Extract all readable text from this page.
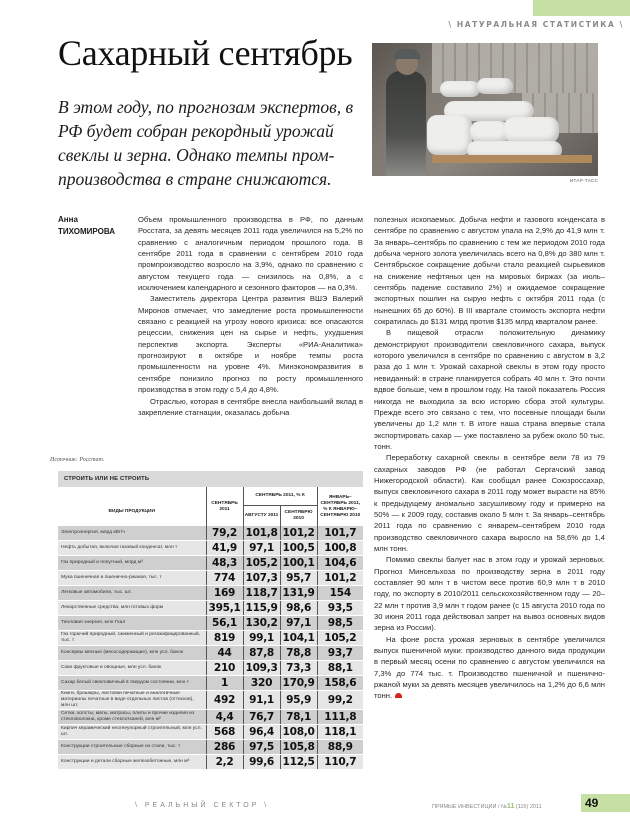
\ НАТУРАЛЬНАЯ СТАТИСТИКА \
Сахарный сентябрь
В этом году, по прогнозам экспертов, в РФ будет собран рекордный урожай свеклы и зерна. Однако темпы промпроизводства в стране снижаются.	ИТАР-ТАСС
Анна
ТИХОМИРОВА
Источник: Росстат.

Объем промышленного производства в РФ, по данным Росстата, за девять месяцев 2011 года увеличился на 5,2% по сравнению с аналогичным периодом прошлого года. В сентябре 2011 года в сравнении с сентябрем 2010 года промпроизводство возросло на 3,9%, однако по сравнению с августом текущего года — снизилось на 0,8%, а с исключением календарного и сезонного факторов — на 0,3%.

Заместитель директора Центра развития ВШЭ Валерий Миронов отмечает, что замедление роста промышленности связано с реакцией на угрозу нового кризиса: все опасаются рецессии, снижения цен на сырье и нефть, ухудшения перспектив экспорта. Эксперты «РИА-Аналитика» прогнозируют в октябре и ноябре темпы роста промышленности на уровне 4%. Минэкономразвития в сентябре понизило прогноз по росту промышленного производства в этом году с 5,4 до 4,8%.

Отраслью, которая в сентябре внесла наибольший вклад в закрепление стагнации, оказалась добыча

полезных ископаемых. Добыча нефти и газового конденсата в сентябре по сравнению с августом упала на 2,9% до 41,9 млн т. За январь–сентябрь по сравнению с тем же периодом 2010 года добыча черного золота увеличилась всего на 0,8% до 380 млн т. Сентябрьское сокращение добычи стало реакцией сырьевиков на снижение нефтяных цен на мировых биржах (за июль–сентябрь падение составило 2%) и ожидаемое сокращение экспортных пошлин на сырую нефть с октября 2011 года (с нынешних 65 до 60%). В III квартале стоимость экспорта нефти сократилась до $131 млрд против $135 млрд кварталом ранее.

В пищевой отрасли положительную динамику демонстрируют производители свекловичного сахара, выпуск которого увеличился в сентябре по сравнению с августом в 3,2 раза до 1 млн т. Урожай сахарной свеклы в этом году просто невиданный: в стране планируется собрать 40 млн т. Это почти вдвое больше, чем в прошлом году. На такой показатель Россия никогда не выходила за всю историю сбора этой культуры. Прежде всего это связано с тем, что посевные площади были увеличены до 1,2 млн т. В итоге наша страна впервые стала экспортировать сахар — уже поставлено за рубеж около 50 тыс. тонн.

Переработку сахарной свеклы в сентябре вели 78 из 79 сахарных заводов РФ (не работал Сергачский завод Нижегородской области). Как сообщал ранее Союзроссахар, выпуск свекловичного сахара в 2011 году может вырасти на 85% к предыдущему аномально засушливому году и примерно на 50% — к 2009 году, составив около 5 млн т. За январь–сентябрь 2011 года по сравнению с январем–сентябрем 2010 года производство свекловичного сахара выросло на 58,6% до 1,4 млн тонн.

Помимо свеклы балует нас в этом году и урожай зерновых. Прогноз Минсельхоза по производству зерна в 2011 году составляет 90 млн т в чистом весе против 60,9 млн т в 2010 году, по экспорту в 2010/2011 сельскохозяйственном году — 20–22 млн т против 3,9 млн т годом ранее (с 15 августа 2010 года по 30 июня 2011 года действовал запрет на вывоз основных видов зерна из России).

На фоне роста урожая зерновых в сентябре увеличился выпуск пшеничной муки: производство данного вида продукции в первый месяц осени по сравнению с августом увеличился на 7,3% до 774 тыс. т. Производство пшеничной и пшенично-ржаной муки за девять месяцев увеличилось на 1,2% до 6,6 млн тонн.

СТРОИТЬ ИЛИ НЕ СТРОИТЬ
ВИДЫ ПРОДУКЦИИ	СЕНТЯБРЬ 2011	СЕНТЯБРЬ 2011, % К		ЯНВАРЬ–СЕНТЯБРЬ 2011, % К ЯНВАРЮ–СЕНТЯБРЮ 2010
		АВГУСТУ 2011	СЕНТЯБРЮ 2010	
Электроэнергия, млрд кВт/ч	79,2	101,8	101,2	101,7
Нефть добытая, включая газовый конденсат, млн т	41,9	97,1	100,5	100,8
Газ природный и попутный, млрд м³	48,3	105,2	100,1	104,6
Мука пшеничная и пшенично-ржаная, тыс. т	774	107,3	95,7	101,2
Легковые автомобили, тыс. шт.	169	118,7	131,9	154
Лекарственные средства, млн готовых форм	395,1	115,9	98,6	93,5
Тепловая энергия, млн Гкал	56,1	130,2	97,1	98,5
Газ горючий природный, сжиженный и регазифицированный, тыс. т	819	99,1	104,1	105,2
Консервы мясные (мясосодержащие), млн усл. банок	44	87,8	78,8	93,7
Соки фруктовые и овощные, млн усл. банок	210	109,3	73,3	88,1
Сахар белый свекловичный в твердом состоянии, млн т	1	320	170,9	158,6
Книги, брошюры, листовки печатные и аналогичные материалы печатные в виде отдельных листов (оттисков), млн шт.	492	91,1	95,9	99,2
Сетки, холсты, маты, матрасы, плиты и прочие изделия из стекловолокна, кроме стеклотканей, млн м²	4,4	76,7	78,1	111,8
Кирпич керамический неогнеупорный строительный, млн усл. шт.	568	96,4	108,0	118,1
Конструкции строительные сборные из стали, тыс. т	286	97,5	105,8	88,9
Конструкции и детали сборные железобетонные, млн м³	2,2	99,6	112,5	110,7
\ РЕАЛЬНЫЙ СЕКТОР \	ПРЯМЫЕ ИНВЕСТИЦИИ / №11 (115) 2011	49
